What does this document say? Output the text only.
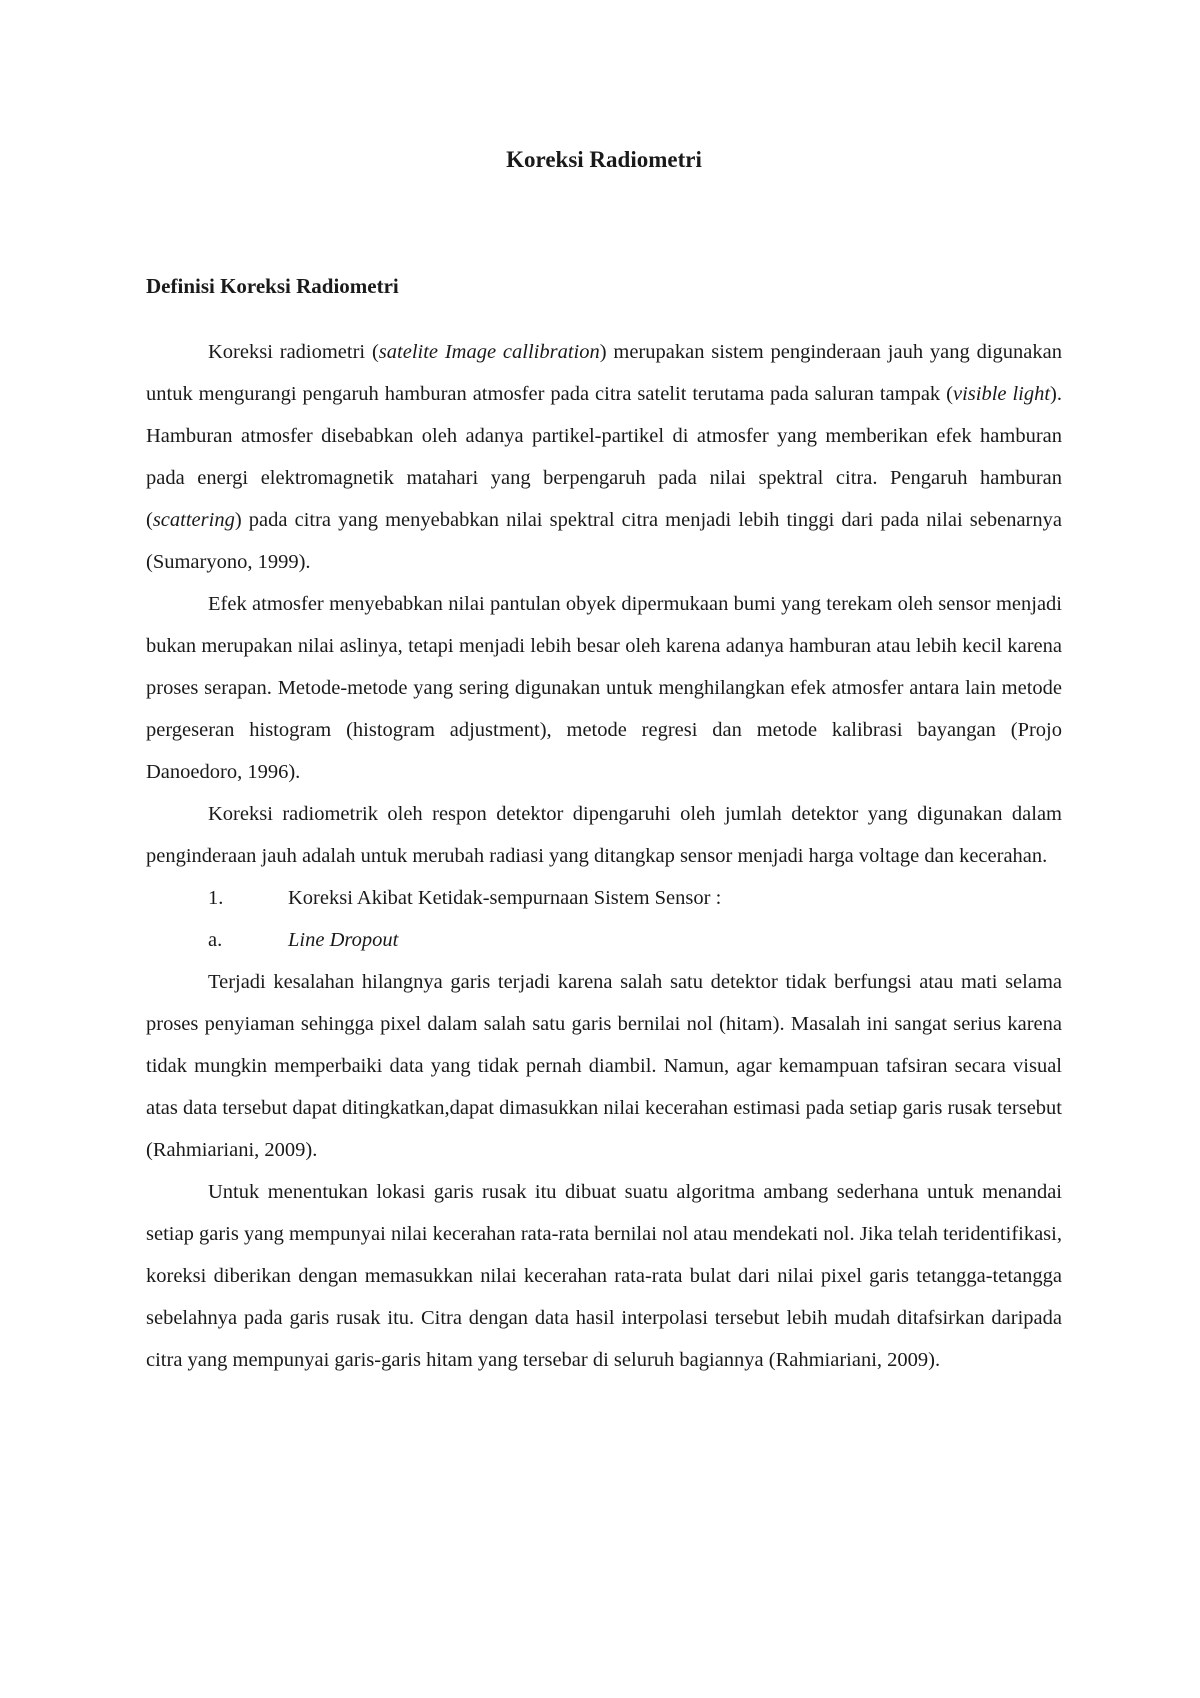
Koreksi Radiometri
Definisi Koreksi Radiometri

Koreksi radiometri (satelite Image callibration) merupakan sistem penginderaan jauh yang digunakan untuk mengurangi pengaruh hamburan atmosfer pada citra satelit terutama pada saluran tampak (visible light). Hamburan atmosfer disebabkan oleh adanya partikel-partikel di atmosfer yang memberikan efek hamburan pada energi elektromagnetik matahari yang berpengaruh pada nilai spektral citra. Pengaruh hamburan (scattering) pada citra yang menyebabkan nilai spektral citra menjadi lebih tinggi dari pada nilai sebenarnya (Sumaryono, 1999).

Efek atmosfer menyebabkan nilai pantulan obyek dipermukaan bumi yang terekam oleh sensor menjadi bukan merupakan nilai aslinya, tetapi menjadi lebih besar oleh karena adanya hamburan atau lebih kecil karena proses serapan. Metode-metode yang sering digunakan untuk menghilangkan efek atmosfer antara lain metode pergeseran histogram (histogram adjustment), metode regresi dan metode kalibrasi bayangan (Projo Danoedoro, 1996).

Koreksi radiometrik oleh respon detektor dipengaruhi oleh jumlah detektor yang digunakan dalam penginderaan jauh adalah untuk merubah radiasi yang ditangkap sensor menjadi harga voltage dan kecerahan.

1.	Koreksi Akibat Ketidak-sempurnaan Sistem Sensor :
a.	Line Dropout

Terjadi kesalahan hilangnya garis terjadi karena salah satu detektor tidak berfungsi atau mati selama proses penyiaman sehingga pixel dalam salah satu garis bernilai nol (hitam). Masalah ini sangat serius karena tidak mungkin memperbaiki data yang tidak pernah diambil. Namun, agar kemampuan tafsiran secara visual atas data tersebut dapat ditingkatkan,dapat dimasukkan nilai kecerahan estimasi pada setiap garis rusak tersebut (Rahmiariani, 2009).

Untuk menentukan lokasi garis rusak itu dibuat suatu algoritma ambang sederhana untuk menandai setiap garis yang mempunyai nilai kecerahan rata-rata bernilai nol atau mendekati nol. Jika telah teridentifikasi, koreksi diberikan dengan memasukkan nilai kecerahan rata-rata bulat dari nilai pixel garis tetangga-tetangga sebelahnya pada garis rusak itu. Citra dengan data hasil interpolasi tersebut lebih mudah ditafsirkan daripada citra yang mempunyai garis-garis hitam yang tersebar di seluruh bagiannya (Rahmiariani, 2009).
